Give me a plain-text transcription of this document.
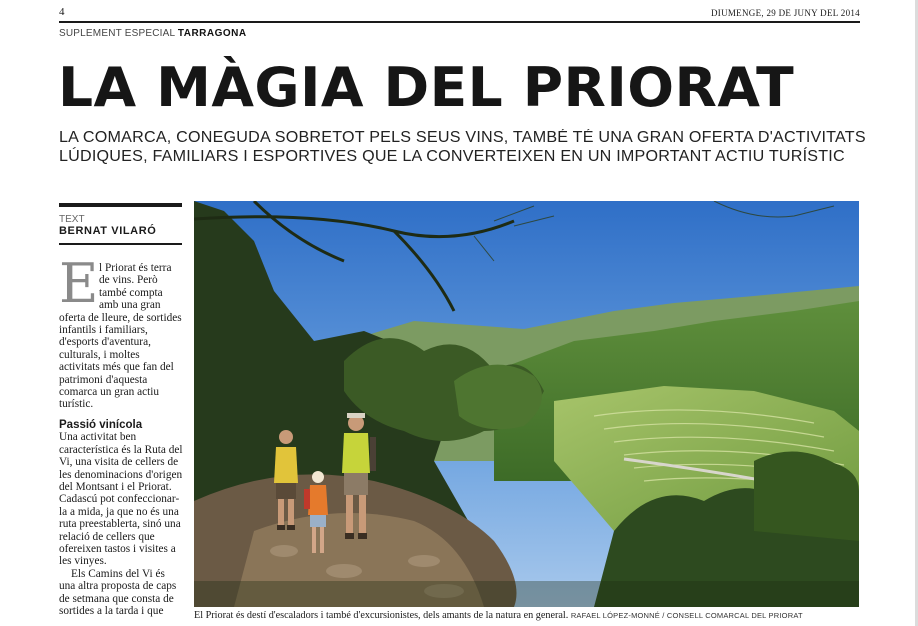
4	DIUMENGE, 29 DE JUNY DEL 2014
SUPLEMENT ESPECIAL TARRAGONA
LA MÀGIA DEL PRIORAT
LA COMARCA, CONEGUDA SOBRETOT PELS SEUS VINS, TAMBÉ TÉ UNA GRAN OFERTA D'ACTIVITATS LÚDIQUES, FAMILIARS I ESPORTIVES QUE LA CONVERTEIXEN EN UN IMPORTANT ACTIU TURÍSTIC
TEXT
BERNAT VILARÓ

El Priorat és terra de vins. Però també compta amb una gran oferta de lleure, de sortides infantils i familiars, d'esports d'aventura, culturals, i moltes activitats més que fan del patrimoni d'aquesta comarca un gran actiu turístic.

Passió vinícola

Una activitat ben característica és la Ruta del Vi, una visita de cellers de les denominacions d'origen del Montsant i el Priorat. Cadascú pot confeccionar-la a mida, ja que no és una ruta preestablerta, sinó una relació de cellers que ofereixen tastos i visites a les vinyes.

Els Camins del Vi és una altra proposta de caps de setmana que consta de sortides a la tarda i que	El Priorat és destí d'escaladors i també d'excursionistes, dels amants de la natura en general. RAFAEL LÓPEZ-MONNÉ / CONSELL COMARCAL DEL PRIORAT
